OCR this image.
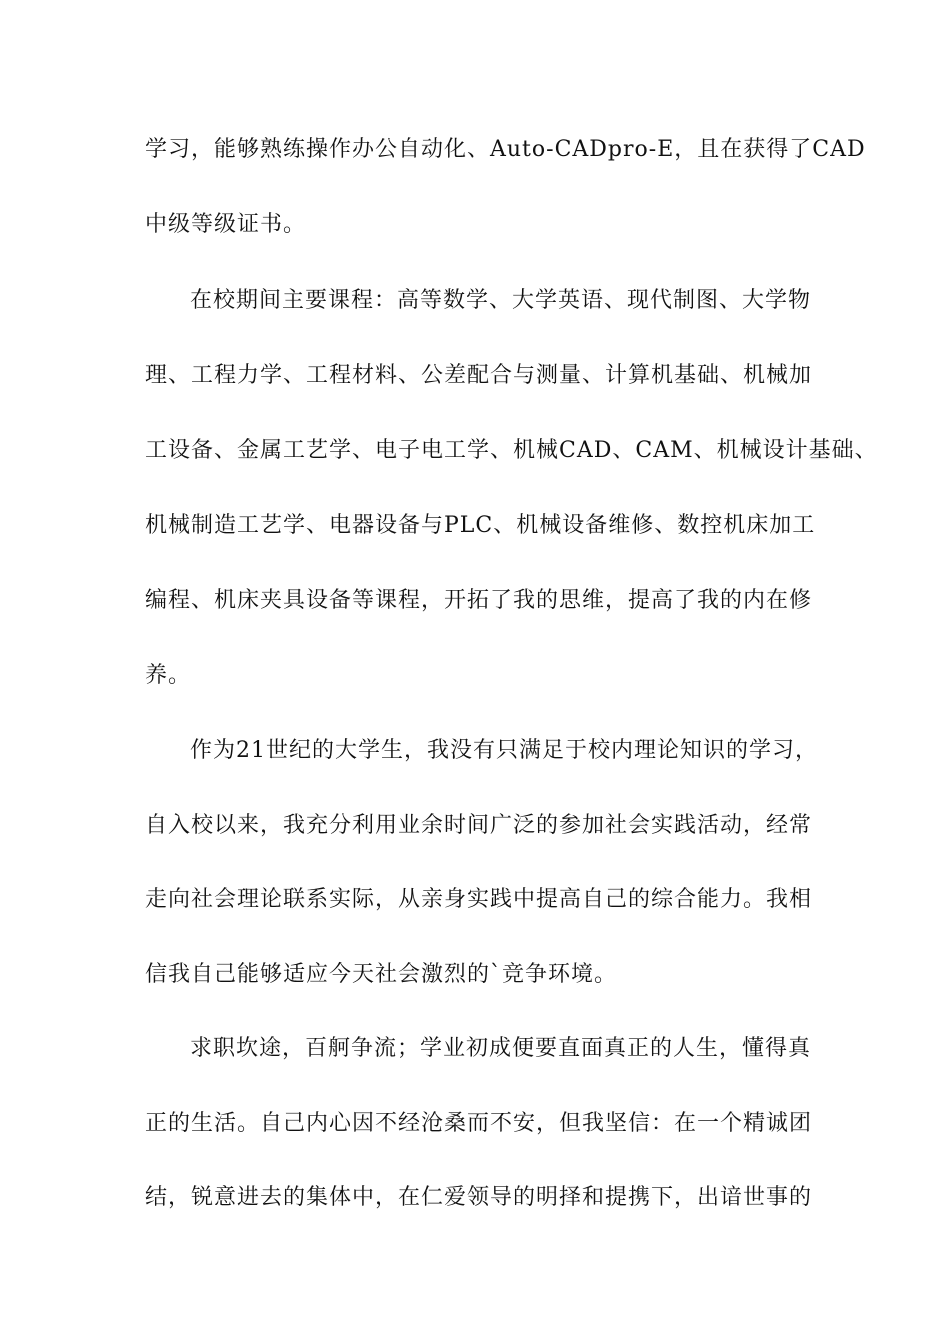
学习，能够熟练操作办公自动化、Auto-CADpro-E，且在获得了CAD
中级等级证书。
在校期间主要课程：高等数学、大学英语、现代制图、大学物
理、工程力学、工程材料、公差配合与测量、计算机基础、机械加
工设备、金属工艺学、电子电工学、机械CAD、CAM、机械设计基础、
机械制造工艺学、电器设备与PLC、机械设备维修、数控机床加工
编程、机床夹具设备等课程，开拓了我的思维，提高了我的内在修
养。
作为21世纪的大学生，我没有只满足于校内理论知识的学习，
自入校以来，我充分利用业余时间广泛的参加社会实践活动，经常
走向社会理论联系实际，从亲身实践中提高自己的综合能力。我相
信我自己能够适应今天社会激烈的`竞争环境。
求职坎途，百舸争流；学业初成便要直面真正的人生，懂得真
正的生活。自己内心因不经沧桑而不安，但我坚信：在一个精诚团
结，锐意进去的集体中，在仁爱领导的明择和提携下，出谙世事的
